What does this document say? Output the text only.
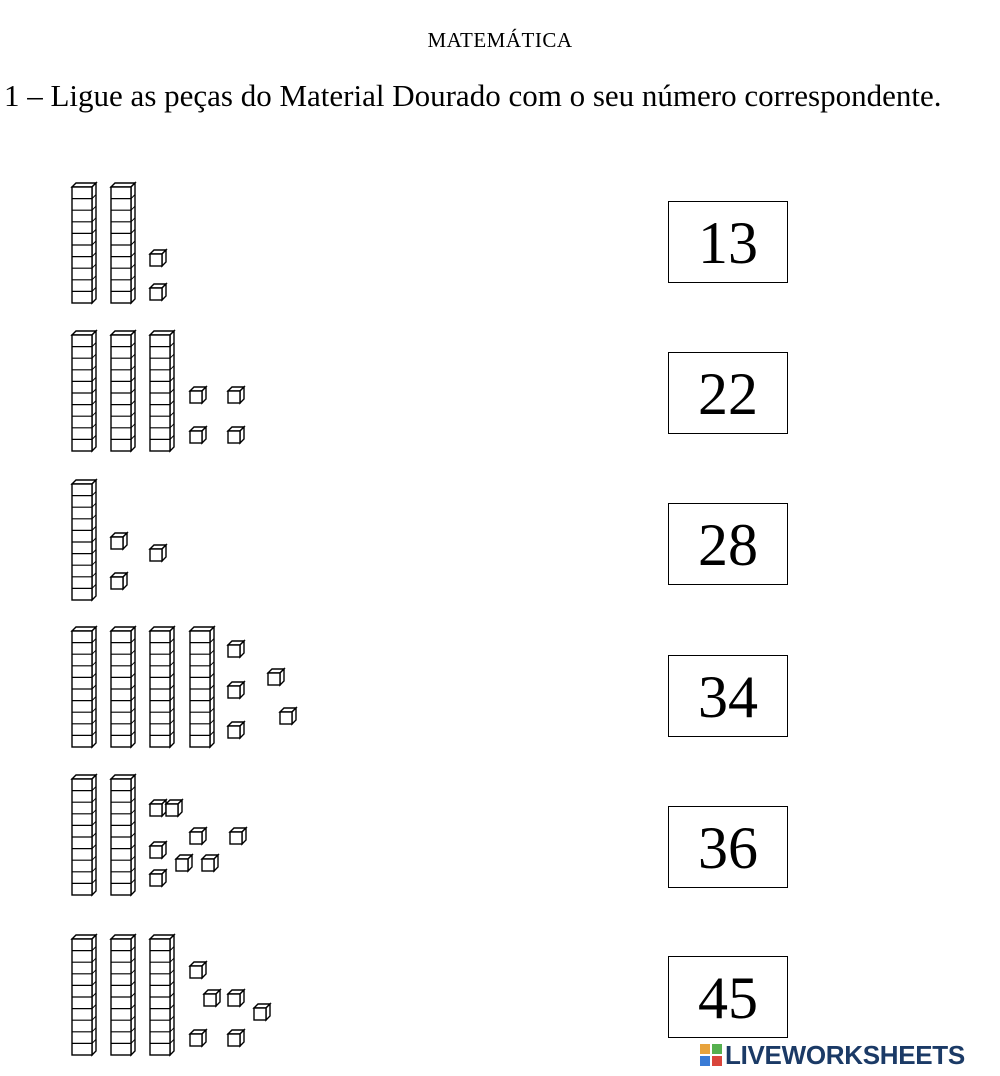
MATEMÁTICA
1 – Ligue as peças do Material Dourado com o seu número correspondente.
13
22
28
34
36
45
LIVEWORKSHEETS
